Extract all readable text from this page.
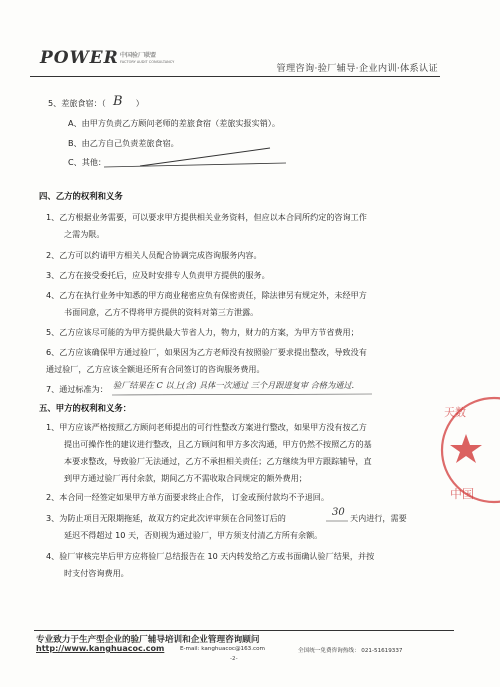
POWER 中国验厂联盟
FACTORY AUDIT CONSULTANCY
管理咨询·验厂辅导·企业内训·体系认证
5、差旅食宿：（	）
B
A、由甲方负责乙方顾问老师的差旅食宿（差旅实报实销）。
B、由乙方自己负责差旅食宿。
C、其他：
四、乙方的权利和义务
1、乙方根据业务需要，可以要求甲方提供相关业务资料，但应以本合同所约定的咨询工作
之需为限。
2、乙方可以约请甲方相关人员配合协调完成咨询服务内容。
3、乙方在接受委托后，应及时安排专人负责甲方提供的服务。
4、乙方在执行业务中知悉的甲方商业秘密应负有保密责任，除法律另有规定外，未经甲方
书面同意，乙方不得将甲方提供的资料对第三方泄露。
5、乙方应该尽可能的为甲方提供最大节省人力，物力，财力的方案，为甲方节省费用；
6、乙方应该确保甲方通过验厂，如果因为乙方老师没有按照验厂要求提出整改，导致没有
通过验厂，乙方应该全额退还所有合同签订的咨询服务费用。
7、通过标准为： 验厂结果在 C 以上(含) 具体一次通过 三个月跟进复审 合格为通过.
五、甲方的权利和义务：
1、甲方应该严格按照乙方顾问老师提出的可行性整改方案进行整改，如果甲方没有按乙方
提出可操作性的建议进行整改，且乙方顾问和甲方多次沟通，甲方仍然不按照乙方的基
本要求整改，导致验厂无法通过，乙方不承担相关责任；乙方继续为甲方跟踪辅导，直
到甲方通过验厂再付余款，期间乙方不需收取合同规定的额外费用；
2、本合同一经签定如果甲方单方面要求终止合作， 订金或预付款均不予退回。
3、为防止项目无限期拖延，故双方约定此次评审须在合同签订后的	30 天内进行，需要
延迟不得超过 10 天，否则视为通过验厂，甲方须支付清乙方所有余额。
4、验厂审核完毕后甲方应将验厂总结报告在 10 天内转发给乙方或书面确认验厂结果，并按
时支付咨询费用。
天数
中国
专业致力于生产型企业的验厂辅导培训和企业管理咨询顾问
http://www.kanghuacoc.com	E-mail: kanghuacoc@163.com	全国统一免费咨询热线： 021-51619337
-2-
